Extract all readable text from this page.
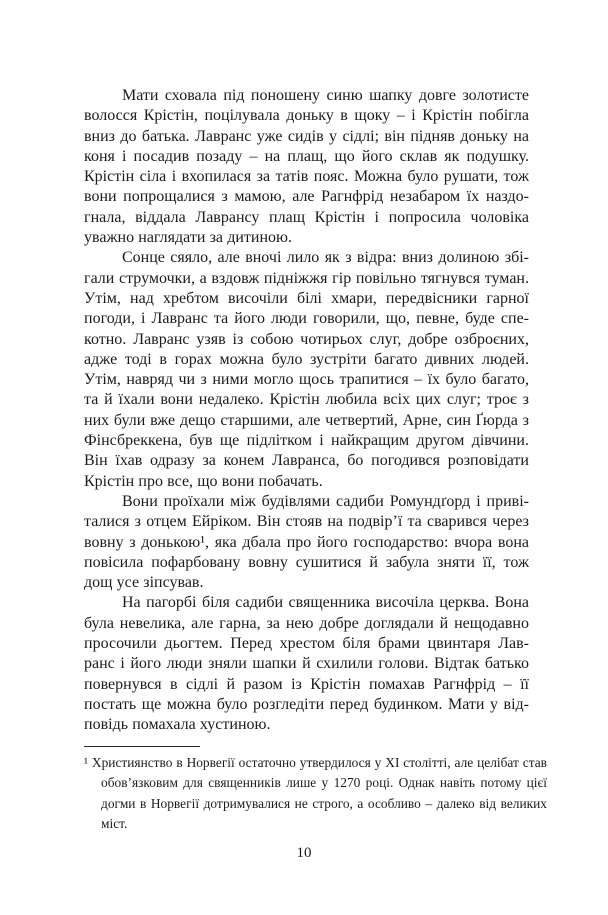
Мати сховала під поношену синю шапку довге золотисте волосся Крістін, поцілувала доньку в щоку – і Крістін побігла вниз до батька. Лавранс уже сидів у сідлі; він підняв доньку на коня і посадив позаду – на плащ, що його склав як подушку. Крістін сіла і вхопилася за татів пояс. Можна було рушати, тож вони попрощалися з мамою, але Рагнфрід незабаром їх наздогнала, віддала Лаврансу плащ Крістін і попросила чоловіка уважно наглядати за дитиною.

Сонце сяяло, але вночі лило як з відра: вниз долиною збігали струмочки, а вздовж підніжжя гір повільно тягнувся туман. Утім, над хребтом височіли білі хмари, передвісники гарної погоди, і Лавранс та його люди говорили, що, певне, буде спекотно. Лавранс узяв із собою чотирьох слуг, добре озброєних, адже тоді в горах можна було зустріти багато дивних людей. Утім, навряд чи з ними могло щось трапитися – їх було багато, та й їхали вони недалеко. Крістін любила всіх цих слуг; троє з них були вже дещо старшими, але четвертий, Арне, син Ґюрда з Фінсбреккена, був ще підлітком і найкращим другом дівчини. Він їхав одразу за конем Лавранса, бо погодився розповідати Крістін про все, що вони побачать.

Вони проїхали між будівлями садиби Ромундґорд і привіталися з отцем Ейріком. Він стояв на подвір’ї та сварився через вовну з донькою¹, яка дбала про його господарство: вчора вона повісила пофарбовану вовну сушитися й забула зняти її, тож дощ усе зіпсував.

На пагорбі біля садиби священника височіла церква. Вона була невелика, але гарна, за нею добре доглядали й нещодавно просочили дьогтем. Перед хрестом біля брами цвинтаря Лавранс і його люди зняли шапки й схилили голови. Відтак батько повернувся в сідлі й разом із Крістін помахав Рагнфрід – її постать ще можна було розгледіти перед будинком. Мати у відповідь помахала хустиною.

¹ Християнство в Норвегії остаточно утвердилося у XI столітті, але целібат став обов’язковим для священників лише у 1270 році. Однак навіть потому цієї догми в Норвегії дотримувалися не строго, а особливо – далеко від великих міст.
10
